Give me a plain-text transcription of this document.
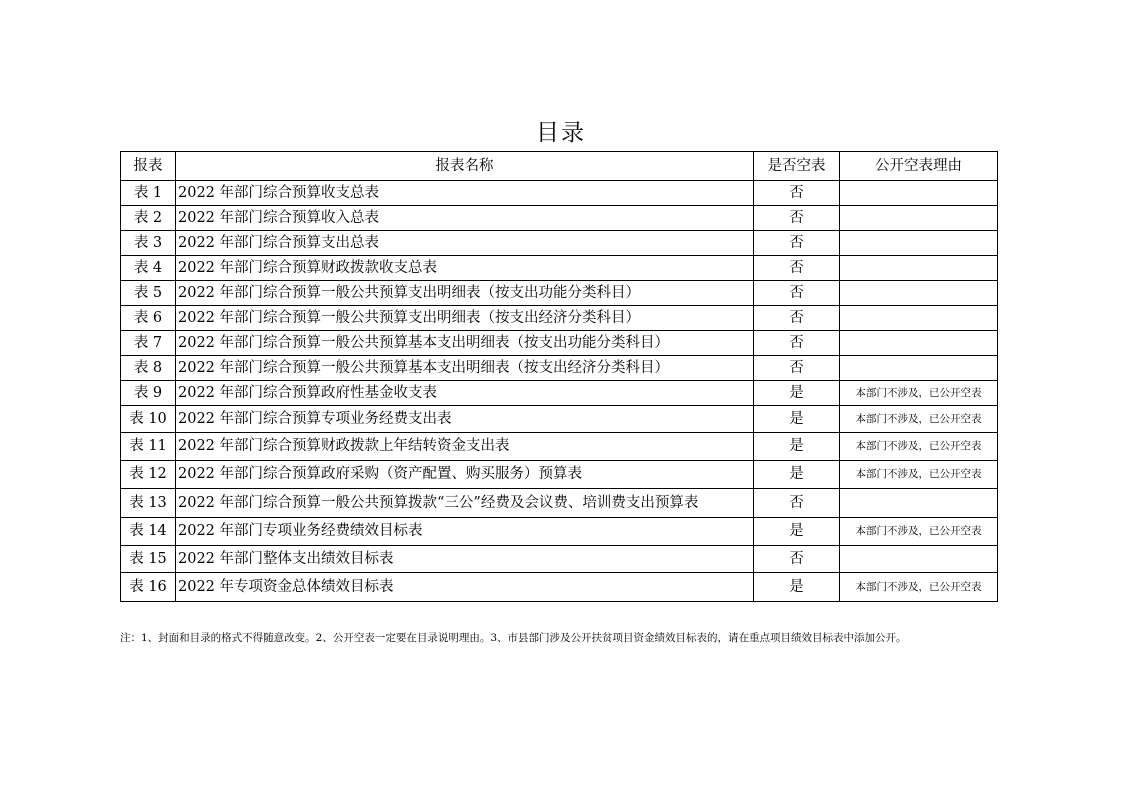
目录
报表	报表名称	是否空表	公开空表理由
表 1	2022 年部门综合预算收支总表	否	
表 2	2022 年部门综合预算收入总表	否	
表 3	2022 年部门综合预算支出总表	否	
表 4	2022 年部门综合预算财政拨款收支总表	否	
表 5	2022 年部门综合预算一般公共预算支出明细表（按支出功能分类科目）	否	
表 6	2022 年部门综合预算一般公共预算支出明细表（按支出经济分类科目）	否	
表 7	2022 年部门综合预算一般公共预算基本支出明细表（按支出功能分类科目）	否	
表 8	2022 年部门综合预算一般公共预算基本支出明细表（按支出经济分类科目）	否	
表 9	2022 年部门综合预算政府性基金收支表	是	本部门不涉及，已公开空表
表 10	2022 年部门综合预算专项业务经费支出表	是	本部门不涉及，已公开空表
表 11	2022 年部门综合预算财政拨款上年结转资金支出表	是	本部门不涉及，已公开空表
表 12	2022 年部门综合预算政府采购（资产配置、购买服务）预算表	是	本部门不涉及，已公开空表
表 13	2022 年部门综合预算一般公共预算拨款“三公”经费及会议费、培训费支出预算表	否	
表 14	2022 年部门专项业务经费绩效目标表	是	本部门不涉及，已公开空表
表 15	2022 年部门整体支出绩效目标表	否	
表 16	2022 年专项资金总体绩效目标表	是	本部门不涉及，已公开空表
注：1、封面和目录的格式不得随意改变。2、公开空表一定要在目录说明理由。3、市县部门涉及公开扶贫项目资金绩效目标表的，请在重点项目绩效目标表中添加公开。
